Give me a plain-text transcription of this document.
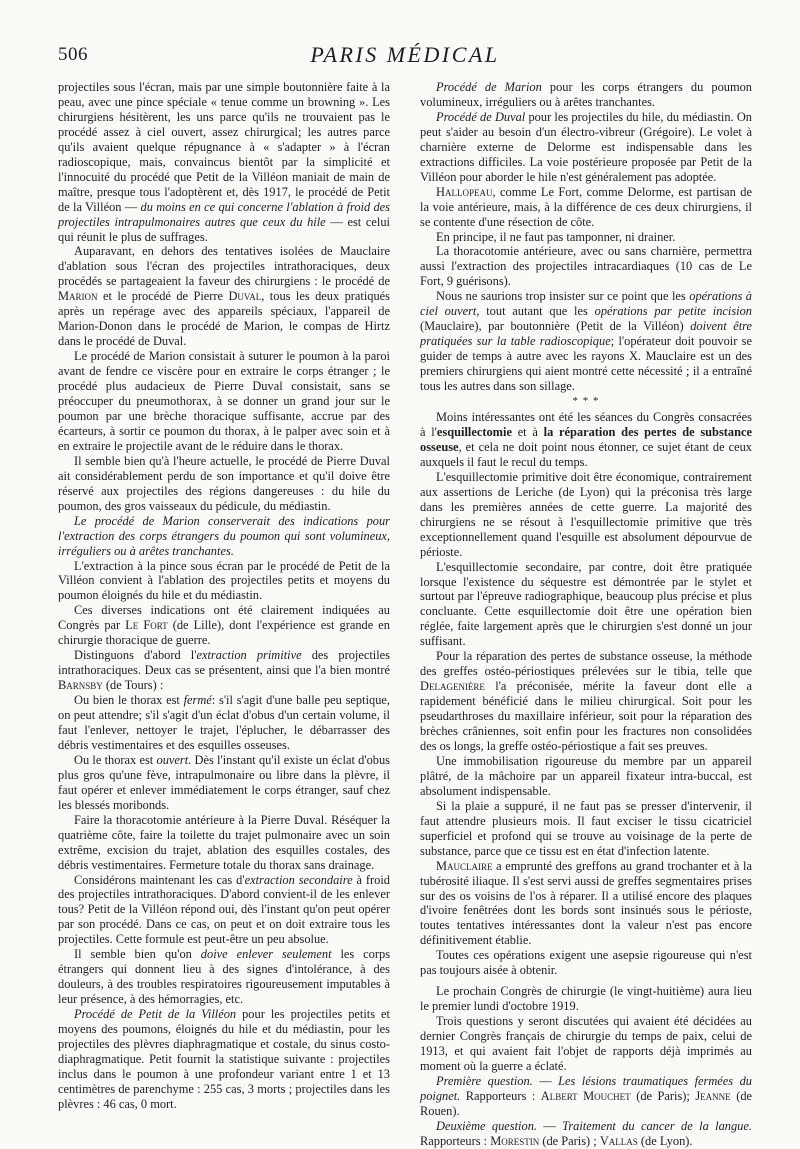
506	PARIS MÉDICAL

projectiles sous l'écran, mais par une simple boutonnière faite à la peau, avec une pince spéciale « tenue comme un browning ». Les chirurgiens hésitèrent, les uns parce qu'ils ne trouvaient pas le procédé assez à ciel ouvert, assez chirurgical; les autres parce qu'ils avaient quelque répugnance à « s'adapter » à l'écran radioscopique, mais, convaincus bientôt par la simplicité et l'innocuité du procédé que Petit de la Villéon maniait de main de maître, presque tous l'adoptèrent et, dès 1917, le procédé de Petit de la Villéon — du moins en ce qui concerne l'ablation à froid des projectiles intrapulmonaires autres que ceux du hile — est celui qui réunit le plus de suffrages.

Auparavant, en dehors des tentatives isolées de Mauclaire d'ablation sous l'écran des projectiles intrathoraciques, deux procédés se partageaient la faveur des chirurgiens : le procédé de Marion et le procédé de Pierre Duval, tous les deux pratiqués après un repérage avec des appareils spéciaux, l'appareil de Marion-Donon dans le procédé de Marion, le compas de Hirtz dans le procédé de Duval.

Le procédé de Marion consistait à suturer le poumon à la paroi avant de fendre ce viscère pour en extraire le corps étranger ; le procédé plus audacieux de Pierre Duval consistait, sans se préoccuper du pneumothorax, à se donner un grand jour sur le poumon par une brèche thoracique suffisante, accrue par des écarteurs, à sortir ce poumon du thorax, à le palper avec soin et à en extraire le projectile avant de le réduire dans le thorax.

Il semble bien qu'à l'heure actuelle, le procédé de Pierre Duval ait considérablement perdu de son importance et qu'il doive être réservé aux projectiles des régions dangereuses : du hile du poumon, des gros vaisseaux du pédicule, du médiastin.

Le procédé de Marion conserverait des indications pour l'extraction des corps étrangers du poumon qui sont volumineux, irréguliers ou à arêtes tranchantes.

L'extraction à la pince sous écran par le procédé de Petit de la Villéon convient à l'ablation des projectiles petits et moyens du poumon éloignés du hile et du médiastin.

Ces diverses indications ont été clairement indiquées au Congrès par Le Fort (de Lille), dont l'expérience est grande en chirurgie thoracique de guerre.

Distinguons d'abord l'extraction primitive des projectiles intrathoraciques. Deux cas se présentent, ainsi que l'a bien montré Barnsby (de Tours) :

Ou bien le thorax est fermé: s'il s'agit d'une balle peu septique, on peut attendre; s'il s'agit d'un éclat d'obus d'un certain volume, il faut l'enlever, nettoyer le trajet, l'éplucher, le débarrasser des débris vestimentaires et des esquilles osseuses.

Ou le thorax est ouvert. Dès l'instant qu'il existe un éclat d'obus plus gros qu'une fève, intrapulmonaire ou libre dans la plèvre, il faut opérer et enlever immédiatement le corps étranger, sauf chez les blessés moribonds.

Faire la thoracotomie antérieure à la Pierre Duval. Réséquer la quatrième côte, faire la toilette du trajet pulmonaire avec un soin extrême, excision du trajet, ablation des esquilles costales, des débris vestimentaires. Fermeture totale du thorax sans drainage.

Considérons maintenant les cas d'extraction secondaire à froid des projectiles intrathoraciques. D'abord convient-il de les enlever tous? Petit de la Villéon répond oui, dès l'instant qu'on peut opérer par son procédé. Dans ce cas, on peut et on doit extraire tous les projectiles. Cette formule est peut-être un peu absolue.

Il semble bien qu'on doive enlever seulement les corps étrangers qui donnent lieu à des signes d'intolérance, à des douleurs, à des troubles respiratoires rigoureusement imputables à leur présence, à des hémorragies, etc.

Procédé de Petit de la Villéon pour les projectiles petits et moyens des poumons, éloignés du hile et du médiastin, pour les projectiles des plèvres diaphragmatique et costale, du sinus costo-diaphragmatique. Petit fournit la statistique suivante : projectiles inclus dans le poumon à une profondeur variant entre 1 et 13 centimètres de parenchyme : 255 cas, 3 morts ; projectiles dans les plèvres : 46 cas, 0 mort.

Procédé de Marion pour les corps étrangers du poumon volumineux, irréguliers ou à arêtes tranchantes.

Procédé de Duval pour les projectiles du hile, du médiastin. On peut s'aider au besoin d'un électro-vibreur (Grégoire). Le volet à charnière externe de Delorme est indispensable dans les extractions difficiles. La voie postérieure proposée par Petit de la Villéon pour aborder le hile n'est généralement pas adoptée.

Hallopeau, comme Le Fort, comme Delorme, est partisan de la voie antérieure, mais, à la différence de ces deux chirurgiens, il se contente d'une résection de côte.

En principe, il ne faut pas tamponner, ni drainer.

La thoracotomie antérieure, avec ou sans charnière, permettra aussi l'extraction des projectiles intracardiaques (10 cas de Le Fort, 9 guérisons).

Nous ne saurions trop insister sur ce point que les opérations à ciel ouvert, tout autant que les opérations par petite incision (Mauclaire), par boutonnière (Petit de la Villéon) doivent être pratiquées sur la table radioscopique; l'opérateur doit pouvoir se guider de temps à autre avec les rayons X. Mauclaire est un des premiers chirurgiens qui aient montré cette nécessité ; il a entraîné tous les autres dans son sillage.

* * *

Moins intéressantes ont été les séances du Congrès consacrées à l'esquillectomie et à la réparation des pertes de substance osseuse, et cela ne doit point nous étonner, ce sujet étant de ceux auxquels il faut le recul du temps.

L'esquillectomie primitive doit être économique, contrairement aux assertions de Leriche (de Lyon) qui la préconisa très large dans les premières années de cette guerre. La majorité des chirurgiens ne se résout à l'esquillectomie primitive que très exceptionnellement quand l'esquille est absolument dépourvue de périoste.

L'esquillectomie secondaire, par contre, doit être pratiquée lorsque l'existence du séquestre est démontrée par le stylet et surtout par l'épreuve radiographique, beaucoup plus précise et plus concluante. Cette esquillectomie doit être une opération bien réglée, faite largement après que le chirurgien s'est donné un jour suffisant.

Pour la réparation des pertes de substance osseuse, la méthode des greffes ostéo-périostiques prélevées sur le tibia, telle que Delagenière l'a préconisée, mérite la faveur dont elle a rapidement bénéficié dans le milieu chirurgical. Soit pour les pseudarthroses du maxillaire inférieur, soit pour la réparation des brèches crâniennes, soit enfin pour les fractures non consolidées des os longs, la greffe ostéo-périostique a fait ses preuves.

Une immobilisation rigoureuse du membre par un appareil plâtré, de la mâchoire par un appareil fixateur intra-buccal, est absolument indispensable.

Si la plaie a suppuré, il ne faut pas se presser d'intervenir, il faut attendre plusieurs mois. Il faut exciser le tissu cicatriciel superficiel et profond qui se trouve au voisinage de la perte de substance, parce que ce tissu est en état d'infection latente.

Mauclaire a emprunté des greffons au grand trochanter et à la tubérosité iliaque. Il s'est servi aussi de greffes segmentaires prises sur des os voisins de l'os à réparer. Il a utilisé encore des plaques d'ivoire fenêtrées dont les bords sont insinués sous le périoste, toutes tentatives intéressantes dont la valeur n'est pas encore définitivement établie.

Toutes ces opérations exigent une asepsie rigoureuse qui n'est pas toujours aisée à obtenir.

Le prochain Congrès de chirurgie (le vingt-huitième) aura lieu le premier lundi d'octobre 1919.

Trois questions y seront discutées qui avaient été décidées au dernier Congrès français de chirurgie du temps de paix, celui de 1913, et qui avaient fait l'objet de rapports déjà imprimés au moment où la guerre a éclaté.

Première question. — Les lésions traumatiques fermées du poignet. Rapporteurs : Albert Mouchet (de Paris); Jeanne (de Rouen).

Deuxième question. — Traitement du cancer de la langue. Rapporteurs : Morestin (de Paris) ; Vallas (de Lyon).
